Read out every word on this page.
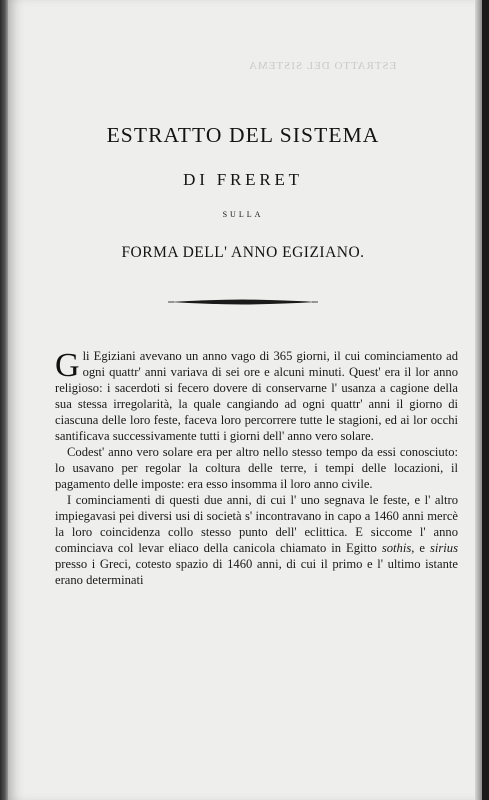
ESTRATTO DEL SISTEMA
ESTRATTO DEL SISTEMA
DI FRERET
SULLA
FORMA DELL' ANNO EGIZIANO.

Gli Egiziani avevano un anno vago di 365 giorni, il cui cominciamento ad ogni quattr' anni variava di sei ore e alcuni minuti. Quest' era il lor anno religioso: i sacerdoti si fecero dovere di conservarne l' usanza a cagione della sua stessa irregolarità, la quale cangiando ad ogni quattr' anni il giorno di ciascuna delle loro feste, faceva loro percorrere tutte le stagioni, ed ai lor occhi santificava successivamente tutti i giorni dell' anno vero solare.

Codest' anno vero solare era per altro nello stesso tempo da essi conosciuto: lo usavano per regolar la coltura delle terre, i tempi delle locazioni, il pagamento delle imposte: era esso insomma il loro anno civile.

I cominciamenti di questi due anni, di cui l' uno segnava le feste, e l' altro impiegavasi pei diversi usi di società s' incontravano in capo a 1460 anni mercè la loro coincidenza collo stesso punto dell' eclittica. E siccome l' anno cominciava col levar eliaco della canicola chiamato in Egitto sothis, e sirius presso i Greci, cotesto spazio di 1460 anni, di cui il primo e l' ultimo istante erano determinati
